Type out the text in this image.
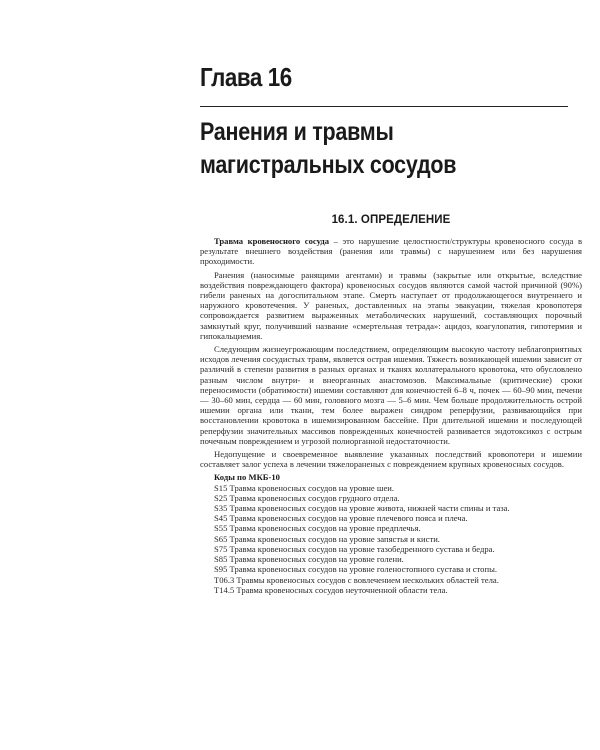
Глава 16
Ранения и травмы
магистральных сосудов
16.1. ОПРЕДЕЛЕНИЕ

Травма кровеносного сосуда – это нарушение целостности/структуры кровеносного сосуда в результате внешнего воздействия (ранения или травмы) с нарушением или без нарушения проходимости.

Ранения (наносимые ранящими агентами) и травмы (закрытые или открытые, вследствие воздействия повреждающего фактора) кровеносных сосудов являются самой частой причиной (90%) гибели раненых на догоспитальном этапе. Смерть наступает от продолжающегося внутреннего и наружного кровотечения. У раненых, доставленных на этапы эвакуации, тяжелая кровопотеря сопровождается развитием выраженных метаболических нарушений, составляющих порочный замкнутый круг, получивший название «смертельная тетрада»: ацидоз, коагулопатия, гипотермия и гипокальциемия.

Следующим жизнеугрожающим последствием, определяющим высокую частоту неблагоприятных исходов лечения сосудистых травм, является острая ишемия. Тяжесть возникающей ишемии зависит от различий в степени развития в разных органах и тканях коллатерального кровотока, что обусловлено разным числом внутри- и внеорганных анастомозов. Максимальные (критические) сроки переносимости (обратимости) ишемии составляют для конечностей 6–8 ч, почек — 60–90 мин, печени — 30–60 мин, сердца — 60 мин, головного мозга — 5–6 мин. Чем больше продолжительность острой ишемии органа или ткани, тем более выражен синдром реперфузии, развивающийся при восстановлении кровотока в ишемизированном бассейне. При длительной ишемии и последующей реперфузии значительных массивов поврежденных конечностей развивается эндотоксикоз с острым почечным повреждением и угрозой полиорганной недостаточности.

Недопущение и своевременное выявление указанных последствий кровопотери и ишемии составляет залог успеха в лечении тяжелораненых с повреждением крупных кровеносных сосудов.

Коды по МКБ-10

S15 Травма кровеносных сосудов на уровне шеи.
S25 Травма кровеносных сосудов грудного отдела.
S35 Травма кровеносных сосудов на уровне живота, нижней части спины и таза.
S45 Травма кровеносных сосудов на уровне плечевого пояса и плеча.
S55 Травма кровеносных сосудов на уровне предплечья.
S65 Травма кровеносных сосудов на уровне запястья и кисти.
S75 Травма кровеносных сосудов на уровне тазобедренного сустава и бедра.
S85 Травма кровеносных сосудов на уровне голени.
S95 Травма кровеносных сосудов на уровне голеностопного сустава и стопы.
T06.3 Травмы кровеносных сосудов с вовлечением нескольких областей тела.
T14.5 Травма кровеносных сосудов неуточненной области тела.
